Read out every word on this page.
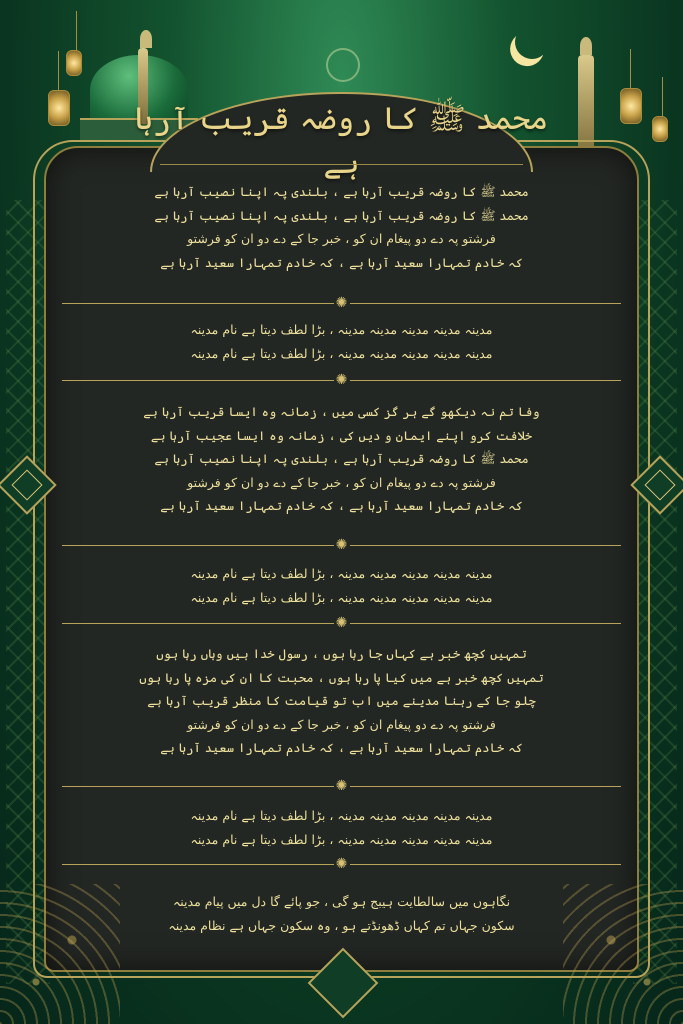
محمد ﷺ کا روضہ قریب آرہا ہے
محمد ﷺ کا روضہ قریب آرہا ہے ، بلندی پہ اپنا نصیب آرہا ہے
محمد ﷺ کا روضہ قریب آرہا ہے ، بلندی پہ اپنا نصیب آرہا ہے
فرشتو پہ دے دو پیغام ان کو ، خبر جا کے دے دو ان کو فرشتو
کہ خادم تمہارا سعید آرہا ہے ، کہ خادم تمہارا سعید آرہا ہے
✺
مدینہ مدینہ مدینہ مدینہ مدینہ ، بڑا لطف دیتا ہے نام مدینہ
مدینہ مدینہ مدینہ مدینہ مدینہ ، بڑا لطف دیتا ہے نام مدینہ
✺
وفا تم نہ دیکھو گے ہر گز کسی میں ، زمانہ وہ ایسا قریب آرہا ہے
خلافت کرو اپنے ایمان و دیں کی ، زمانہ وہ ایسا عجیب آرہا ہے
محمد ﷺ کا روضہ قریب آرہا ہے ، بلندی پہ اپنا نصیب آرہا ہے
فرشتو پہ دے دو پیغام ان کو ، خبر جا کے دے دو ان کو فرشتو
کہ خادم تمہارا سعید آرہا ہے ، کہ خادم تمہارا سعید آرہا ہے
✺
مدینہ مدینہ مدینہ مدینہ مدینہ ، بڑا لطف دیتا ہے نام مدینہ
مدینہ مدینہ مدینہ مدینہ مدینہ ، بڑا لطف دیتا ہے نام مدینہ
✺
تمہیں کچھ خبر ہے کہاں جا رہا ہوں ، رسول خدا ہیں وہاں رہا ہوں
تمہیں کچھ خبر ہے میں کیا پا رہا ہوں ، محبت کا ان کی مزہ پا رہا ہوں
چلو جا کے رہنا مدینے میں اب تو قیامت کا منظر قریب آرہا ہے
فرشتو پہ دے دو پیغام ان کو ، خبر جا کے دے دو ان کو فرشتو
کہ خادم تمہارا سعید آرہا ہے ، کہ خادم تمہارا سعید آرہا ہے
✺
مدینہ مدینہ مدینہ مدینہ مدینہ ، بڑا لطف دیتا ہے نام مدینہ
مدینہ مدینہ مدینہ مدینہ مدینہ ، بڑا لطف دیتا ہے نام مدینہ
✺
نگاہوں میں سالطایت ہیبج ہو گی ، جو پائے گا دل میں پیام مدینہ
سکون جہاں تم کہاں ڈھونڈتے ہو ، وہ سکون جہاں ہے نظام مدینہ
